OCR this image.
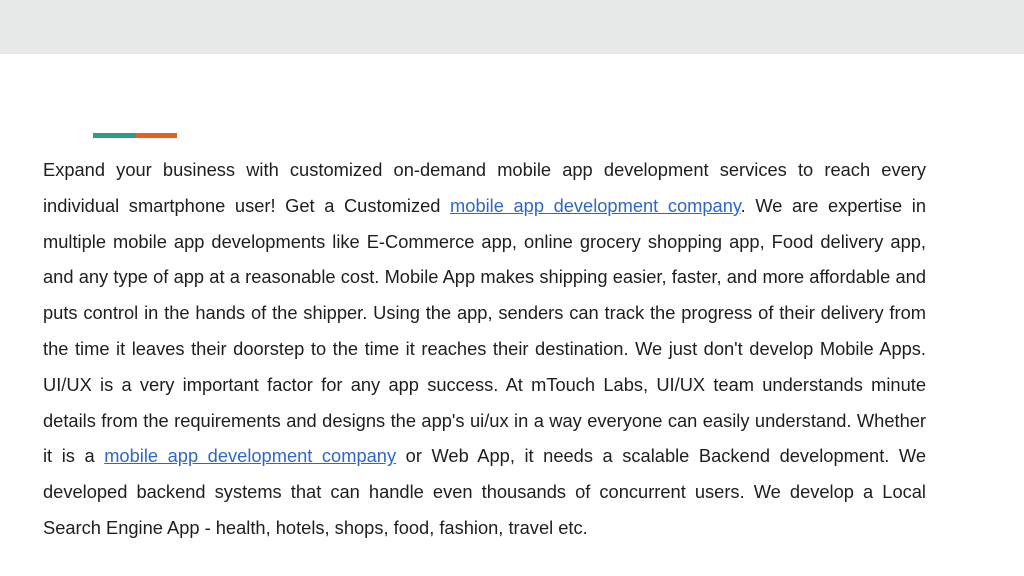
Expand your business with customized on-demand mobile app development services to reach every individual smartphone user! Get a Customized mobile app development company. We are expertise in multiple mobile app developments like E-Commerce app, online grocery shopping app, Food delivery app, and any type of app at a reasonable cost. Mobile App makes shipping easier, faster, and more affordable and puts control in the hands of the shipper. Using the app, senders can track the progress of their delivery from the time it leaves their doorstep to the time it reaches their destination. We just don't develop Mobile Apps. UI/UX is a very important factor for any app success. At mTouch Labs, UI/UX team understands minute details from the requirements and designs the app's ui/ux in a way everyone can easily understand. Whether it is a mobile app development company or Web App, it needs a scalable Backend development. We developed backend systems that can handle even thousands of concurrent users. We develop a Local Search Engine App - health, hotels, shops, food, fashion, travel etc.
